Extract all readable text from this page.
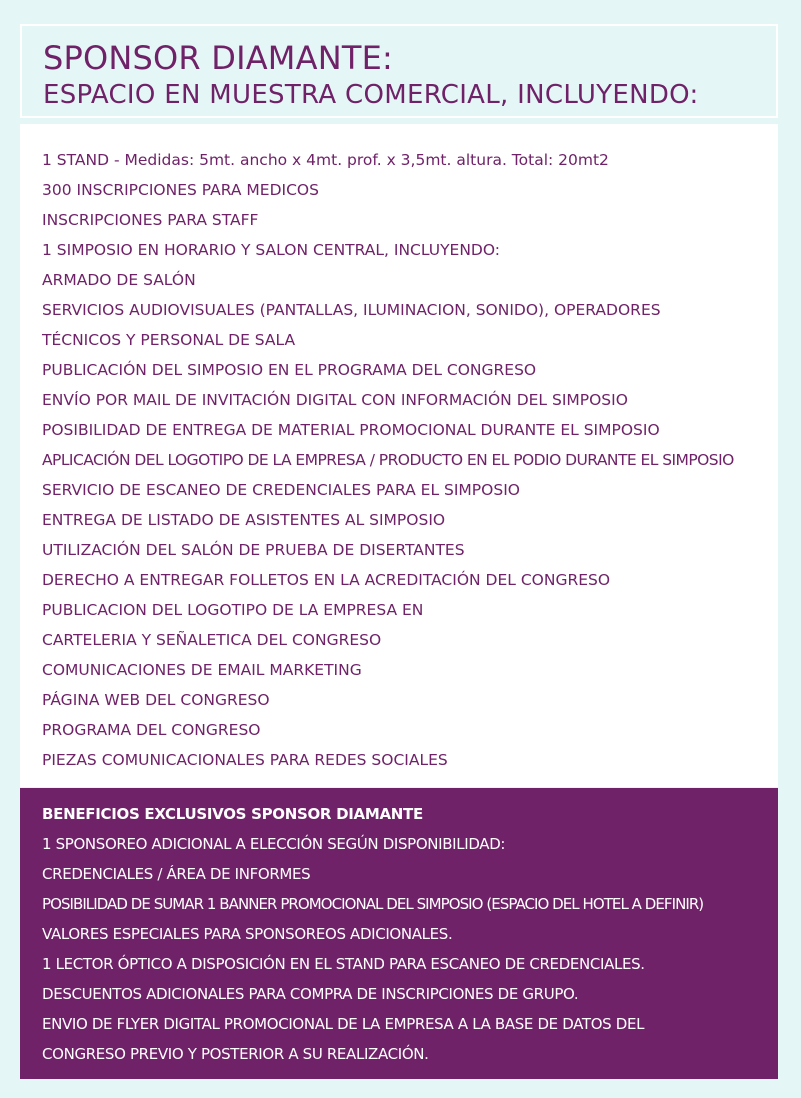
SPONSOR DIAMANTE:
ESPACIO EN MUESTRA COMERCIAL, INCLUYENDO:
1 STAND - Medidas: 5mt. ancho x 4mt. prof. x 3,5mt. altura. Total: 20mt2
300 INSCRIPCIONES PARA MEDICOS
INSCRIPCIONES PARA STAFF
1 SIMPOSIO EN HORARIO Y SALON CENTRAL, INCLUYENDO:
ARMADO DE SALÓN
SERVICIOS AUDIOVISUALES (PANTALLAS, ILUMINACION, SONIDO), OPERADORES
TÉCNICOS Y PERSONAL DE SALA
PUBLICACIÓN DEL SIMPOSIO EN EL PROGRAMA DEL CONGRESO
ENVÍO POR MAIL DE INVITACIÓN DIGITAL CON INFORMACIÓN DEL SIMPOSIO
POSIBILIDAD DE ENTREGA DE MATERIAL PROMOCIONAL DURANTE EL SIMPOSIO
APLICACIÓN DEL LOGOTIPO DE LA EMPRESA / PRODUCTO EN EL PODIO DURANTE EL SIMPOSIO
SERVICIO DE ESCANEO DE CREDENCIALES PARA EL SIMPOSIO
ENTREGA DE LISTADO DE ASISTENTES AL SIMPOSIO
UTILIZACIÓN DEL SALÓN DE PRUEBA DE DISERTANTES
DERECHO A ENTREGAR FOLLETOS EN LA ACREDITACIÓN DEL CONGRESO
PUBLICACION DEL LOGOTIPO DE LA EMPRESA EN
CARTELERIA Y SEÑALETICA DEL CONGRESO
COMUNICACIONES DE EMAIL MARKETING
PÁGINA WEB DEL CONGRESO
PROGRAMA DEL CONGRESO
PIEZAS COMUNICACIONALES PARA REDES SOCIALES
BENEFICIOS EXCLUSIVOS SPONSOR DIAMANTE
1 SPONSOREO ADICIONAL A ELECCIÓN SEGÚN DISPONIBILIDAD:
CREDENCIALES / ÁREA DE INFORMES
POSIBILIDAD DE SUMAR 1 BANNER PROMOCIONAL DEL SIMPOSIO (ESPACIO DEL HOTEL A DEFINIR)
VALORES ESPECIALES PARA SPONSOREOS ADICIONALES.
1 LECTOR ÓPTICO A DISPOSICIÓN EN EL STAND PARA ESCANEO DE CREDENCIALES.
DESCUENTOS ADICIONALES PARA COMPRA DE INSCRIPCIONES DE GRUPO.
ENVIO DE FLYER DIGITAL PROMOCIONAL DE LA EMPRESA A LA BASE DE DATOS DEL
CONGRESO PREVIO Y POSTERIOR A SU REALIZACIÓN.
